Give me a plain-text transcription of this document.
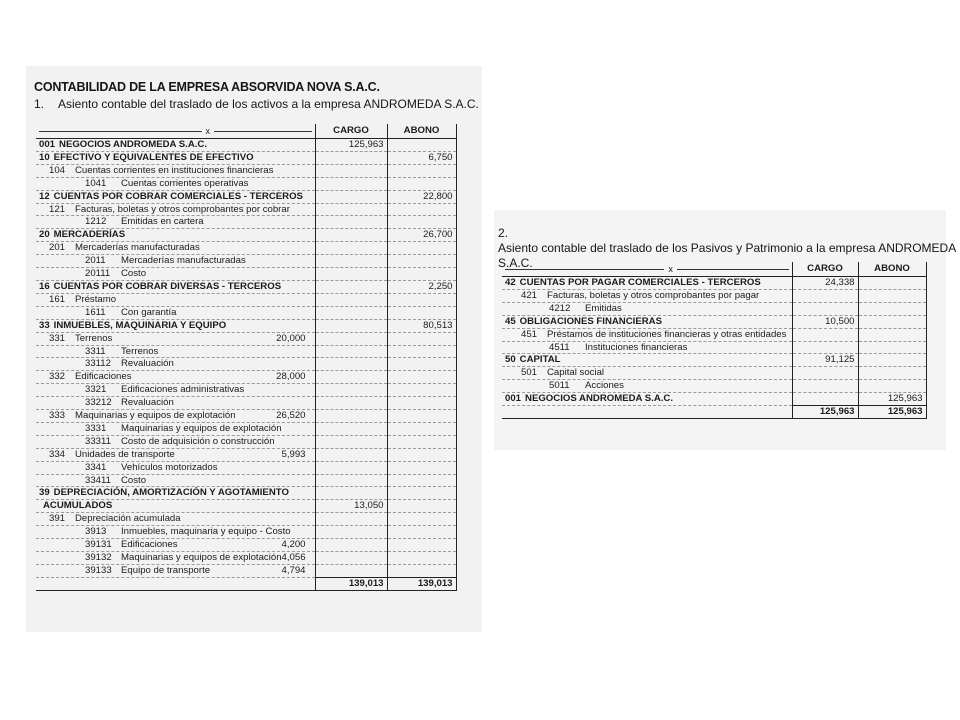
CONTABILIDAD DE LA EMPRESA ABSORVIDA NOVA S.A.C.

1. Asiento contable del traslado de los activos a la empresa ANDROMEDA S.A.C.

x	CARGO	ABONO

001 NEGOCIOS ANDROMEDA S.A.C.	125,963	

10 EFECTIVO Y EQUIVALENTES DE EFECTIVO		6,750

104 Cuentas corrientes en instituciones financieras		

1041 Cuentas corrientes operativas		

12 CUENTAS POR COBRAR COMERCIALES - TERCEROS		22,800

121 Facturas, boletas y otros comprobantes por cobrar		

1212 Emitidas en cartera		

20 MERCADERÍAS		26,700

201 Mercaderías manufacturadas		

2011 Mercaderías manufacturadas		

20111 Costo		

16 CUENTAS POR COBRAR DIVERSAS - TERCEROS		2,250

161 Préstamo		

1611 Con garantía		

33 INMUEBLES, MAQUINARIA Y EQUIPO		80,513

331 Terrenos 20,000		

3311 Terrenos		

33112 Revaluación		

332 Edificaciones 28,000		

3321 Edificaciones administrativas		

33212 Revaluación		

333 Maquinarias y equipos de explotación 26,520		

3331 Maquinarias y equipos de explotación		

33311 Costo de adquisición o construcción		

334 Unidades de transporte 5,993		

3341 Vehículos motorizados		

33411 Costo		

39 DEPRECIACIÓN, AMORTIZACIÓN Y AGOTAMIENTO		

ACUMULADOS	13,050	

391 Depreciación acumulada		

3913 Inmuebles, maquinaria y equipo - Costo		

39131 Edificaciones 4,200		

39132 Maquinarias y equipos de explotación 4,056		

39133 Equipo de transporte 4,794		

	139,013	139,013

2.Asiento contable del traslado de los Pasivos y Patrimonio a la empresa ANDROMEDA
S.A.C.	x	CARGO	ABONO

42 CUENTAS POR PAGAR COMERCIALES - TERCEROS	24,338	

421 Facturas, boletas y otros comprobantes por pagar		

4212 Emitidas		

45 OBLIGACIONES FINANCIERAS	10,500	

451 Préstamos de instituciones financieras y otras entidades		

4511 Instituciones financieras		

50 CAPITAL	91,125	

501 Capital social		

5011 Acciones		

001 NEGOCIOS ANDROMEDA S.A.C.		125,963
	125,963	125,963
